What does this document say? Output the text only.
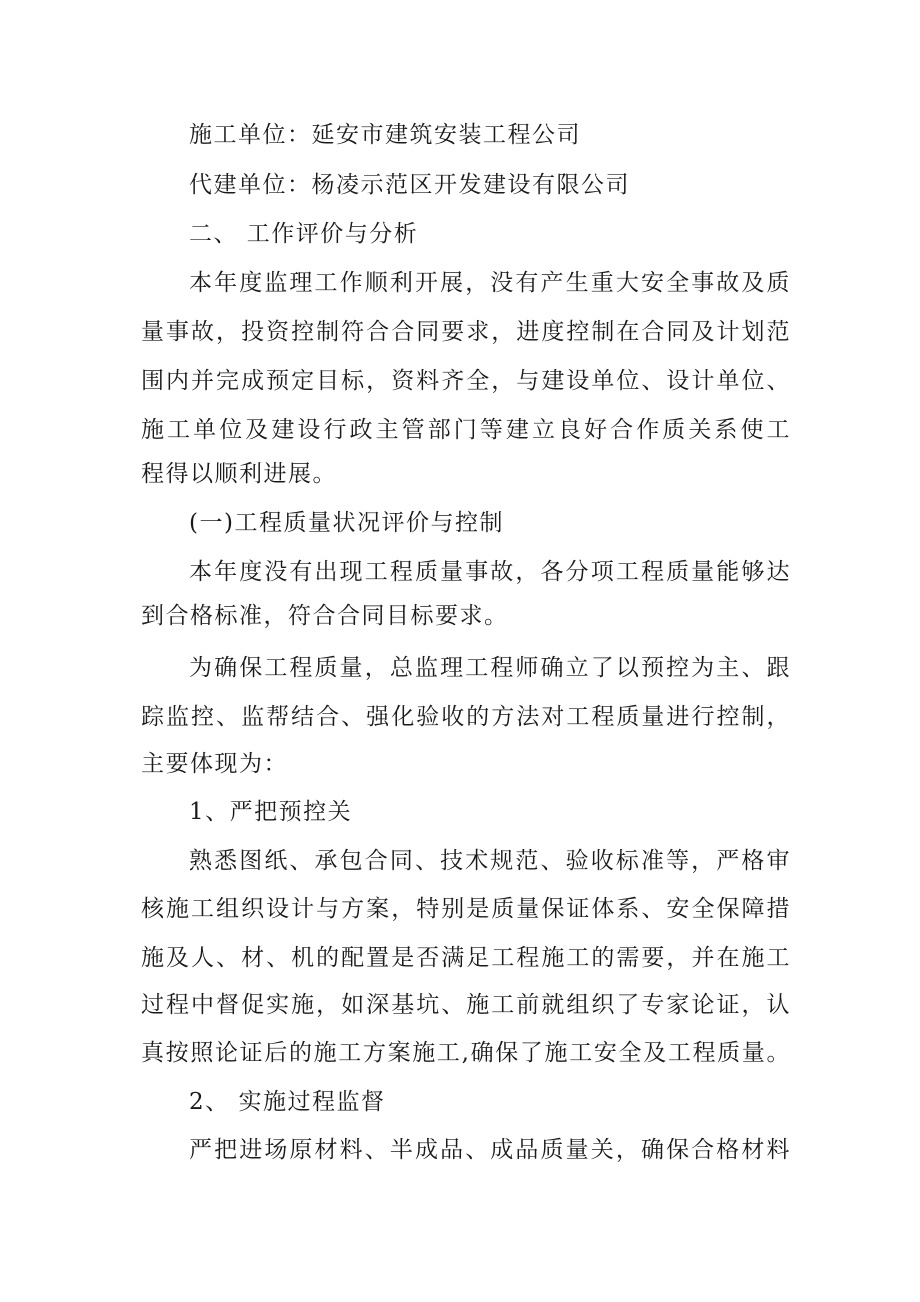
施工单位：延安市建筑安装工程公司
代建单位：杨凌示范区开发建设有限公司
二、 工作评价与分析
本年度监理工作顺利开展，没有产生重大安全事故及质
量事故，投资控制符合合同要求，进度控制在合同及计划范
围内并完成预定目标，资料齐全，与建设单位、设计单位、
施工单位及建设行政主管部门等建立良好合作质关系使工
程得以顺利进展。
(一)工程质量状况评价与控制
本年度没有出现工程质量事故，各分项工程质量能够达
到合格标准，符合合同目标要求。
为确保工程质量，总监理工程师确立了以预控为主、跟
踪监控、监帮结合、强化验收的方法对工程质量进行控制，
主要体现为：
1、严把预控关
熟悉图纸、承包合同、技术规范、验收标准等，严格审
核施工组织设计与方案，特别是质量保证体系、安全保障措
施及人、材、机的配置是否满足工程施工的需要，并在施工
过程中督促实施，如深基坑、施工前就组织了专家论证，认
真按照论证后的施工方案施工,确保了施工安全及工程质量。
2、 实施过程监督
严把进场原材料、半成品、成品质量关，确保合格材料
